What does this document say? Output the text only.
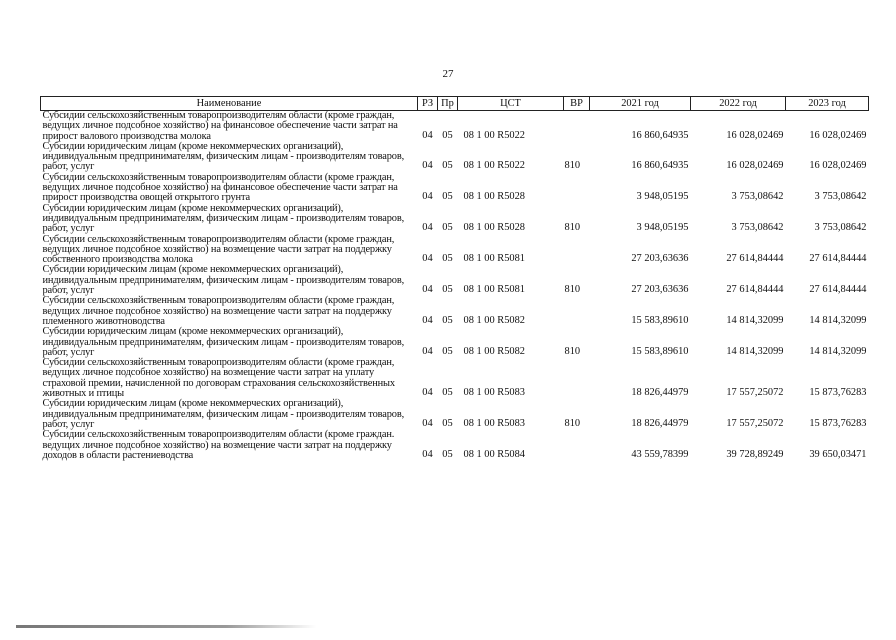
27
Наименование	РЗ	Пр	ЦСТ	ВР	2021 год	2022 год	2023 год
Субсидии сельскохозяйственным товаропроизводителям области (кроме граждан, ведущих личное подсобное хозяйство) на финансовое обеспечение части затрат на прирост валового производства молока	04	05	08 1 00 R5022		16 860,64935	16 028,02469	16 028,02469
Субсидии юридическим лицам (кроме некоммерческих организаций), индивидуальным предпринимателям, физическим лицам - производителям товаров, работ, услуг	04	05	08 1 00 R5022	810	16 860,64935	16 028,02469	16 028,02469
Субсидии сельскохозяйственным товаропроизводителям области (кроме граждан, ведущих личное подсобное хозяйство) на финансовое обеспечение части затрат на прирост производства овощей открытого грунта	04	05	08 1 00 R5028		3 948,05195	3 753,08642	3 753,08642
Субсидии юридическим лицам (кроме некоммерческих организаций), индивидуальным предпринимателям, физическим лицам - производителям товаров, работ, услуг	04	05	08 1 00 R5028	810	3 948,05195	3 753,08642	3 753,08642
Субсидии сельскохозяйственным товаропроизводителям области (кроме граждан, ведущих личное подсобное хозяйство) на возмещение части затрат на поддержку собственного производства молока	04	05	08 1 00 R5081		27 203,63636	27 614,84444	27 614,84444
Субсидии юридическим лицам (кроме некоммерческих организаций), индивидуальным предпринимателям, физическим лицам - производителям товаров, работ, услуг	04	05	08 1 00 R5081	810	27 203,63636	27 614,84444	27 614,84444
Субсидии сельскохозяйственным товаропроизводителям области (кроме граждан, ведущих личное подсобное хозяйство) на возмещение части затрат на поддержку племенного животноводства	04	05	08 1 00 R5082		15 583,89610	14 814,32099	14 814,32099
Субсидии юридическим лицам (кроме некоммерческих организаций), индивидуальным предпринимателям, физическим лицам - производителям товаров, работ, услуг	04	05	08 1 00 R5082	810	15 583,89610	14 814,32099	14 814,32099
Субсидии сельскохозяйственным товаропроизводителям области (кроме граждан, ведущих личное подсобное хозяйство) на возмещение части затрат на уплату страховой премии, начисленной по договорам страхования сельскохозяйственных животных и птицы	04	05	08 1 00 R5083		18 826,44979	17 557,25072	15 873,76283
Субсидии юридическим лицам (кроме некоммерческих организаций), индивидуальным предпринимателям, физическим лицам - производителям товаров, работ, услуг	04	05	08 1 00 R5083	810	18 826,44979	17 557,25072	15 873,76283
Субсидии сельскохозяйственным товаропроизводителям области (кроме граждан. ведущих личное подсобное хозяйство) на возмещение части затрат на поддержку доходов в области растениеводства	04	05	08 1 00 R5084		43 559,78399	39 728,89249	39 650,03471
